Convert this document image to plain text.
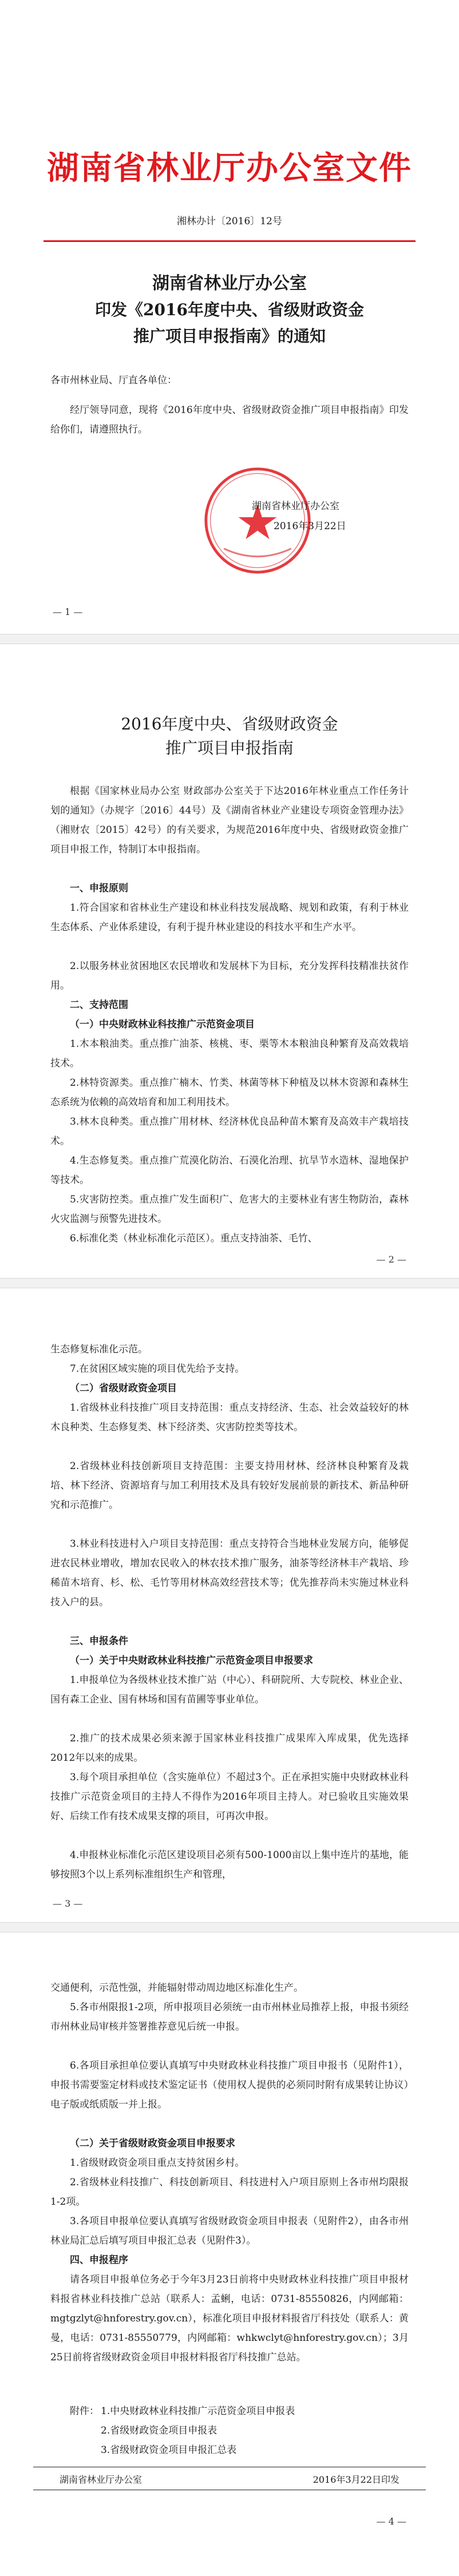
湖南省林业厅办公室文件
湘林办计〔2016〕12号
湖南省林业厅办公室
印发《2016年度中央、省级财政资金
推广项目申报指南》的通知
各市州林业局、厅直各单位：
经厅领导同意，现将《2016年度中央、省级财政资金推广项目申报指南》印发给你们，请遵照执行。
湖南省林业厅办公室
2016年3月22日
— 1 —
2016年度中央、省级财政资金
推广项目申报指南
根据《国家林业局办公室 财政部办公室关于下达2016年林业重点工作任务计划的通知》（办规字〔2016〕44号）及《湖南省林业产业建设专项资金管理办法》（湘财农〔2015〕42号）的有关要求，为规范2016年度中央、省级财政资金推广项目申报工作，特制订本申报指南。
一、申报原则
1.符合国家和省林业生产建设和林业科技发展战略、规划和政策，有利于林业生态体系、产业体系建设，有利于提升林业建设的科技水平和生产水平。
2.以服务林业贫困地区农民增收和发展林下为目标，充分发挥科技精准扶贫作用。
二、支持范围
（一）中央财政林业科技推广示范资金项目
1.木本粮油类。重点推广油茶、核桃、枣、栗等木本粮油良种繁育及高效栽培技术。
2.林特资源类。重点推广楠木、竹类、林菌等林下种植及以林木资源和森林生态系统为依赖的高效培育和加工利用技术。
3.林木良种类。重点推广用材林、经济林优良品种苗木繁育及高效丰产栽培技术。
4.生态修复类。重点推广荒漠化防治、石漠化治理、抗旱节水造林、湿地保护等技术。
5.灾害防控类。重点推广发生面积广、危害大的主要林业有害生物防治，森林火灾监测与预警先进技术。
6.标准化类（林业标准化示范区）。重点支持油茶、毛竹、
— 2 —
生态修复标准化示范。
7.在贫困区域实施的项目优先给予支持。
（二）省级财政资金项目
1.省级林业科技推广项目支持范围：重点支持经济、生态、社会效益较好的林木良种类、生态修复类、林下经济类、灾害防控类等技术。
2.省级林业科技创新项目支持范围：主要支持用材林、经济林良种繁育及栽培、林下经济、资源培育与加工利用技术及具有较好发展前景的新技术、新品种研究和示范推广。
3.林业科技进村入户项目支持范围：重点支持符合当地林业发展方向，能够促进农民林业增收，增加农民收入的林农技术推广服务，油茶等经济林丰产栽培、珍稀苗木培育、杉、松、毛竹等用材林高效经营技术等；优先推荐尚未实施过林业科技入户的县。
三、申报条件
（一）关于中央财政林业科技推广示范资金项目申报要求
1.申报单位为各级林业技术推广站（中心）、科研院所、大专院校、林业企业、国有森工企业、国有林场和国有苗圃等事业单位。
2.推广的技术成果必须来源于国家林业科技推广成果库入库成果，优先选择2012年以来的成果。
3.每个项目承担单位（含实施单位）不超过3个。正在承担实施中央财政林业科技推广示范资金项目的主持人不得作为2016年项目主持人。对已验收且实施效果好、后续工作有技术成果支撑的项目，可再次申报。
4.申报林业标准化示范区建设项目必须有500-1000亩以上集中连片的基地，能够按照3个以上系列标准组织生产和管理，
— 3 —
交通便利，示范性强，并能辐射带动周边地区标准化生产。
5.各市州限报1-2项，所申报项目必须统一由市州林业局推荐上报，申报书须经市州林业局审核并签署推荐意见后统一申报。
6.各项目承担单位要认真填写中央财政林业科技推广项目申报书（见附件1），申报书需要鉴定材料或技术鉴定证书（使用权人提供的必须同时附有成果转让协议）电子版或纸质版一并上报。
（二）关于省级财政资金项目申报要求
1.省级财政资金项目重点支持贫困乡村。
2.省级林业科技推广、科技创新项目、科技进村入户项目原则上各市州均限报1-2项。
3.各项目申报单位要认真填写省级财政资金项目申报表（见附件2），由各市州林业局汇总后填写项目申报汇总表（见附件3）。
四、申报程序
请各项目申报单位务必于今年3月23日前将中央财政林业科技推广项目申报材料报省林业科技推广总站（联系人：孟蜊，电话：0731-85550826，内网邮箱：mgtgzlyt@hnforestry.gov.cn），标准化项目申报材料报省厅科技处（联系人：黄曼，电话：0731-85550779，内网邮箱：whkwclyt@hnforestry.gov.cn）；3月25日前将省级财政资金项目申报材料报省厅科技推广总站。
附件： 1.中央财政林业科技推广示范资金项目申报表
2.省级财政资金项目申报表
3.省级财政资金项目申报汇总表
湖南省林业厅办公室	2016年3月22日印发
— 4 —
